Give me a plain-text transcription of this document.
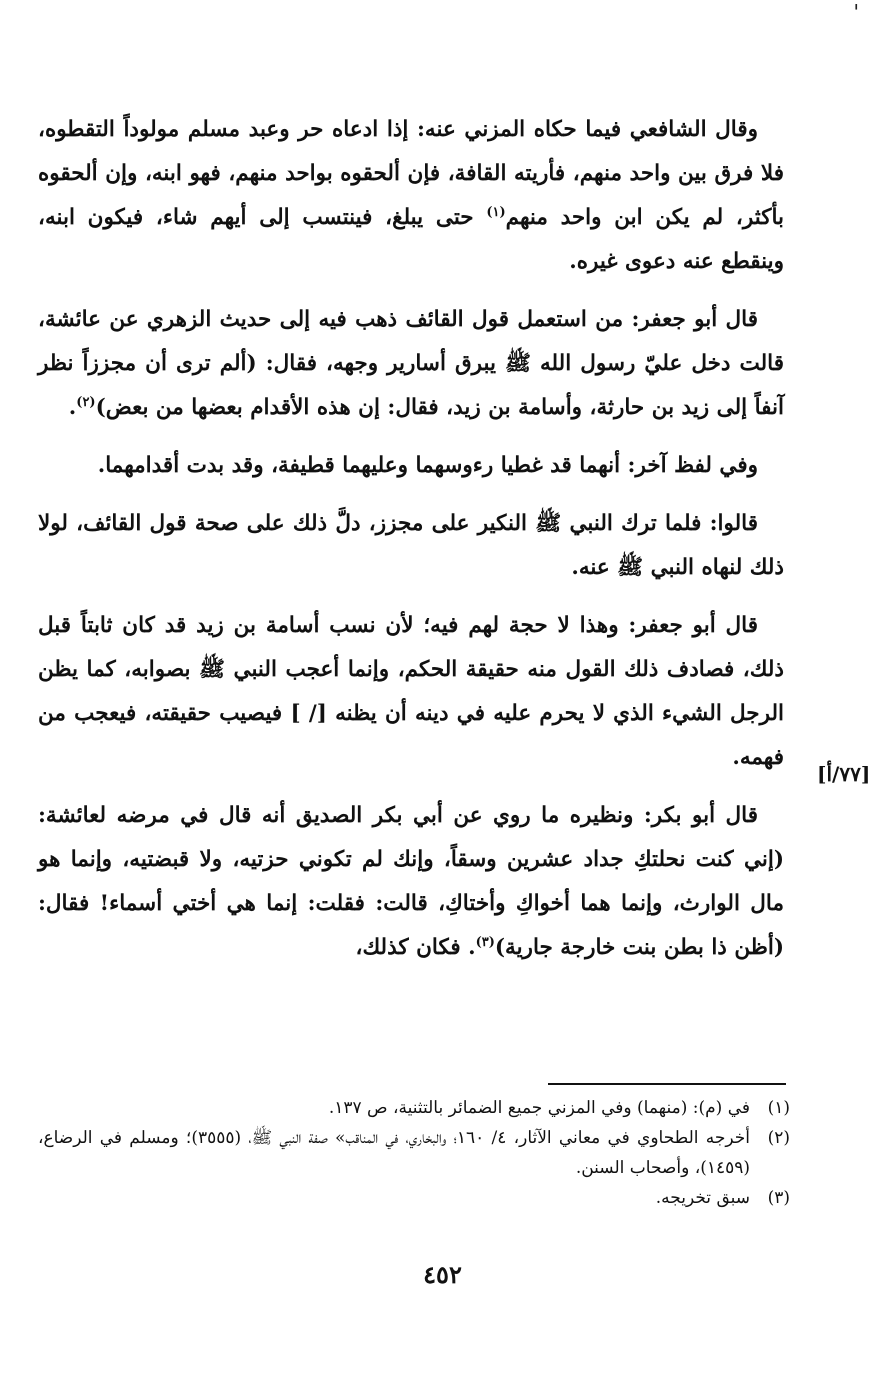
'

وقال الشافعي فيما حكاه المزني عنه: إذا ادعاه حر وعبد مسلم مولوداً التقطوه، فلا فرق بين واحد منهم، فأريته القافة، فإن ألحقوه بواحد منهم، فهو ابنه، وإن ألحقوه بأكثر، لم يكن ابن واحد منهم$^{(١)}$ حتى يبلغ، فينتسب إلى أيهم شاء، فيكون ابنه، وينقطع عنه دعوى غيره.

قال أبو جعفر: من استعمل قول القائف ذهب فيه إلى حديث الزهري عن عائشة، قالت دخل عليّ رسول الله ﷺ يبرق أسارير وجهه، فقال: (ألم ترى أن مجززاً نظر آنفاً إلى زيد بن حارثة، وأسامة بن زيد، فقال: إن هذه الأقدام بعضها من بعض)$^{(٢)}$.

وفي لفظ آخر: أنهما قد غطيا رءوسهما وعليهما قطيفة، وقد بدت أقدامهما.

قالوا: فلما ترك النبي ﷺ النكير على مجزز، دلَّ ذلك على صحة قول القائف، لولا ذلك لنهاه النبي ﷺ عنه.

قال أبو جعفر: وهذا لا حجة لهم فيه؛ لأن نسب أسامة بن زيد قد كان ثابتاً قبل ذلك، فصادف ذلك القول منه حقيقة الحكم، وإنما أعجب النبي ﷺ بصوابه، كما يظن الرجل الشيء الذي لا يحرم عليه في دينه أن يظنه [/ ] فيصيب حقيقته، فيعجب من فهمه.

قال أبو بكر: ونظيره ما روي عن أبي بكر الصديق أنه قال في مرضه لعائشة: (إني كنت نحلتكِ جداد عشرين وسقاً، وإنك لم تكوني حزتيه، ولا قبضتيه، وإنما هو مال الوارث، وإنما هما أخواكِ وأختاكِ، قالت: فقلت: إنما هي أختي أسماء! فقال: (أظن ذا بطن بنت خارجة جارية)$^{(٣)}$. فكان كذلك،

[٧٧/أ]
(١)
في (م): (منهما) وفي المزني جميع الضمائر بالتثنية، ص ١٣٧.
(٢)
أخرجه الطحاوي في معاني الآثار، ٤/ ١٦٠؛ والبخاري، في المناقب» صفة النبي ﷺ، (٣٥٥٥)؛ ومسلم في الرضاع، (١٤٥٩)، وأصحاب السنن.
(٣)
سبق تخريجه.
٤٥٢
